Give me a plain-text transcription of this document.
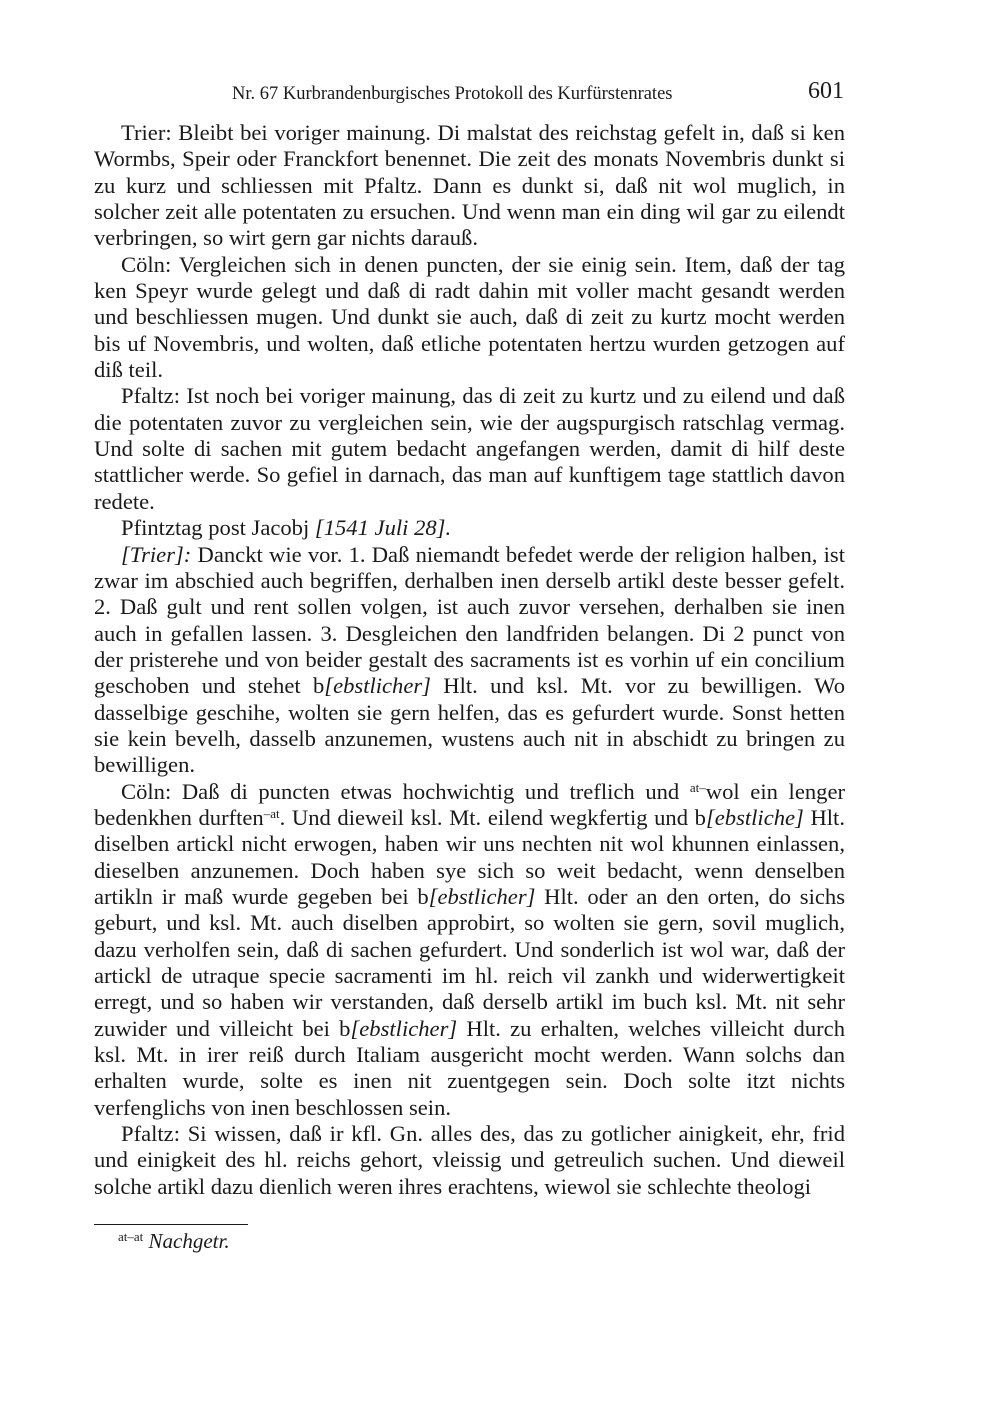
Nr. 67 Kurbrandenburgisches Protokoll des Kurfürstenrates	601

Trier: Bleibt bei voriger mainung. Di malstat des reichstag gefelt in, daß si ken Wormbs, Speir oder Franckfort benennet. Die zeit des monats Novembris dunkt si zu kurz und schliessen mit Pfaltz. Dann es dunkt si, daß nit wol muglich, in solcher zeit alle potentaten zu ersuchen. Und wenn man ein ding wil gar zu eilendt verbringen, so wirt gern gar nichts darauß.

Cöln: Vergleichen sich in denen puncten, der sie einig sein. Item, daß der tag ken Speyr wurde gelegt und daß di radt dahin mit voller macht gesandt werden und beschliessen mugen. Und dunkt sie auch, daß di zeit zu kurtz mocht werden bis uf Novembris, und wolten, daß etliche potentaten hertzu wurden getzogen auf diß teil.

Pfaltz: Ist noch bei voriger mainung, das di zeit zu kurtz und zu eilend und daß die potentaten zuvor zu vergleichen sein, wie der augspurgisch ratschlag vermag. Und solte di sachen mit gutem bedacht angefangen werden, damit di hilf deste stattlicher werde. So gefiel in darnach, das man auf kunftigem tage stattlich davon redete.

Pfintztag post Jacobj [1541 Juli 28].

[Trier]: Danckt wie vor. 1. Daß niemandt befedet werde der religion halben, ist zwar im abschied auch begriffen, derhalben inen derselb artikl deste besser gefelt. 2. Daß gult und rent sollen volgen, ist auch zuvor versehen, derhalben sie inen auch in gefallen lassen. 3. Desgleichen den landfriden belangen. Di 2 punct von der pristerehe und von beider gestalt des sacraments ist es vorhin uf ein concilium geschoben und stehet b[ebstlicher] Hlt. und ksl. Mt. vor zu bewilligen. Wo dasselbige geschihe, wolten sie gern helfen, das es gefurdert wurde. Sonst hetten sie kein bevelh, dasselb anzunemen, wustens auch nit in abschidt zu bringen zu bewilligen.

Cöln: Daß di puncten etwas hochwichtig und treflich und $^{at-}$wol ein lenger bedenkhen durften$^{-at}$. Und dieweil ksl. Mt. eilend wegkfertig und b[ebstliche] Hlt. diselben artickl nicht erwogen, haben wir uns nechten nit wol khunnen einlassen, dieselben anzunemen. Doch haben sye sich so weit bedacht, wenn denselben artikln ir maß wurde gegeben bei b[ebstlicher] Hlt. oder an den orten, do sichs geburt, und ksl. Mt. auch diselben approbirt, so wolten sie gern, sovil muglich, dazu verholfen sein, daß di sachen gefurdert. Und sonderlich ist wol war, daß der artickl de utraque specie sacramenti im hl. reich vil zankh und widerwertigkeit erregt, und so haben wir verstanden, daß derselb artikl im buch ksl. Mt. nit sehr zuwider und villeicht bei b[ebstlicher] Hlt. zu erhalten, welches villeicht durch ksl. Mt. in irer reiß durch Italiam ausgericht mocht werden. Wann solchs dan erhalten wurde, solte es inen nit zuentgegen sein. Doch solte itzt nichts verfenglichs von inen beschlossen sein.

Pfaltz: Si wissen, daß ir kfl. Gn. alles des, das zu gotlicher ainigkeit, ehr, frid und einigkeit des hl. reichs gehort, vleissig und getreulich suchen. Und dieweil solche artikl dazu dienlich weren ihres erachtens, wiewol sie schlechte theologi

$^{at-at}$ Nachgetr.
